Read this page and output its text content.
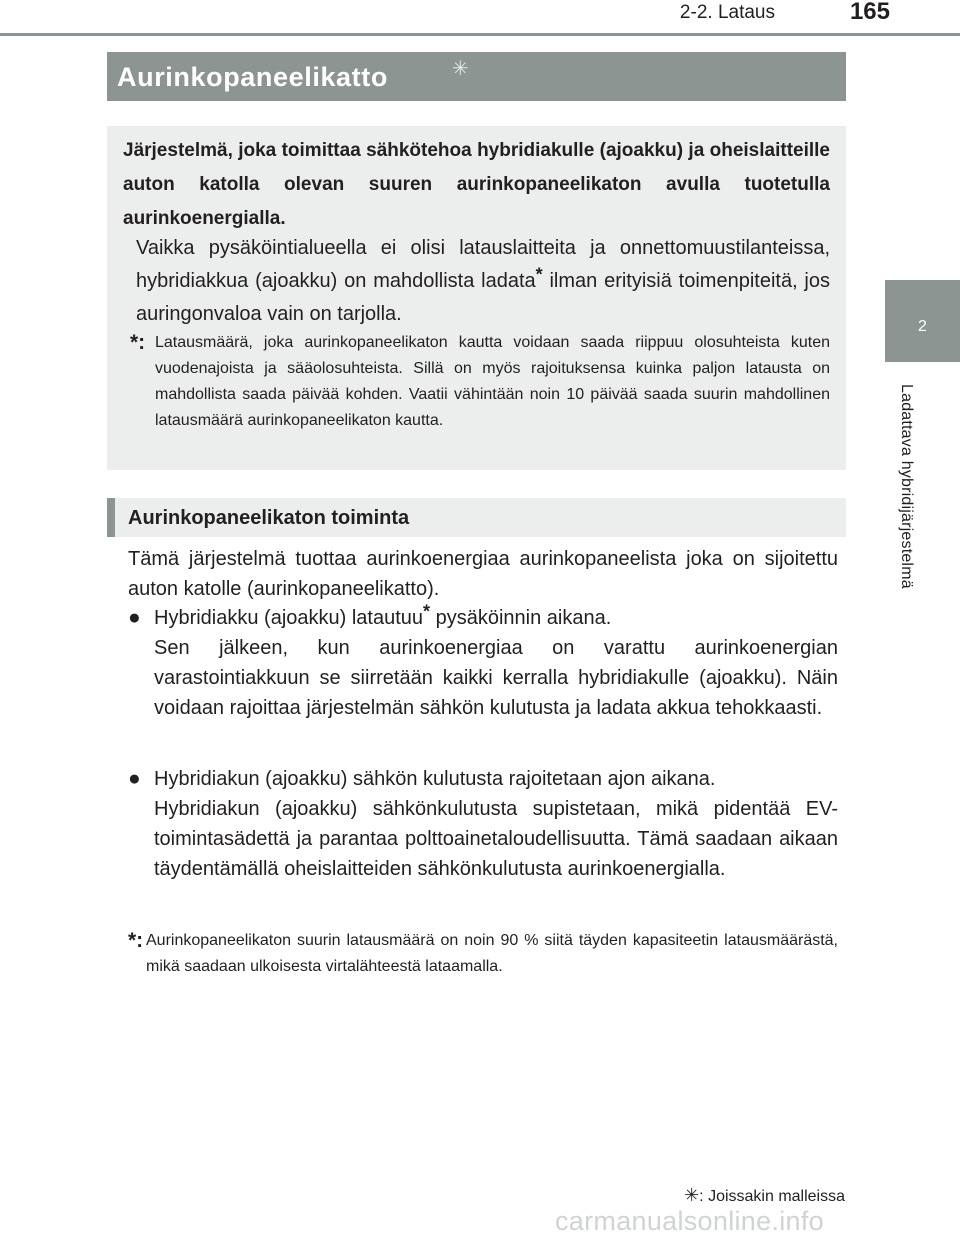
2-2. Lataus	165
2
Ladattava hybridijärjestelmä
Aurinkopaneelikatto	✳
Järjestelmä, joka toimittaa sähkötehoa hybridiakulle (ajoakku) ja oheislaitteille auton katolla olevan suuren aurinkopaneelikaton avulla tuotetulla aurinkoenergialla.
Vaikka pysäköintialueella ei olisi latauslaitteita ja onnettomuustilanteissa, hybridiakkua (ajoakku) on mahdollista ladata* ilman erityisiä toimenpiteitä, jos auringonvaloa vain on tarjolla.
*: Latausmäärä, joka aurinkopaneelikaton kautta voidaan saada riippuu olosuhteista kuten vuodenajoista ja sääolosuhteista. Sillä on myös rajoituksensa kuinka paljon latausta on mahdollista saada päivää kohden. Vaatii vähintään noin 10 päivää saada suurin mahdollinen latausmäärä aurinkopaneelikaton kautta.
Aurinkopaneelikaton toiminta
Tämä järjestelmä tuottaa aurinkoenergiaa aurinkopaneelista joka on sijoitettu auton katolle (aurinkopaneelikatto).
● Hybridiakku (ajoakku) latautuu* pysäköinnin aikana.
Sen jälkeen, kun aurinkoenergiaa on varattu aurinkoenergian varastointiakkuun se siirretään kaikki kerralla hybridiakulle (ajoakku). Näin voidaan rajoittaa järjestelmän sähkön kulutusta ja ladata akkua tehokkaasti.
● Hybridiakun (ajoakku) sähkön kulutusta rajoitetaan ajon aikana.
Hybridiakun (ajoakku) sähkönkulutusta supistetaan, mikä pidentää EV-toimintasädettä ja parantaa polttoainetaloudellisuutta. Tämä saadaan aikaan täydentämällä oheislaitteiden sähkönkulutusta aurinkoenergialla.
*: Aurinkopaneelikaton suurin latausmäärä on noin 90 % siitä täyden kapasiteetin latausmäärästä, mikä saadaan ulkoisesta virtalähteestä lataamalla.
✳: Joissakin malleissa
carmanualsonline.info
